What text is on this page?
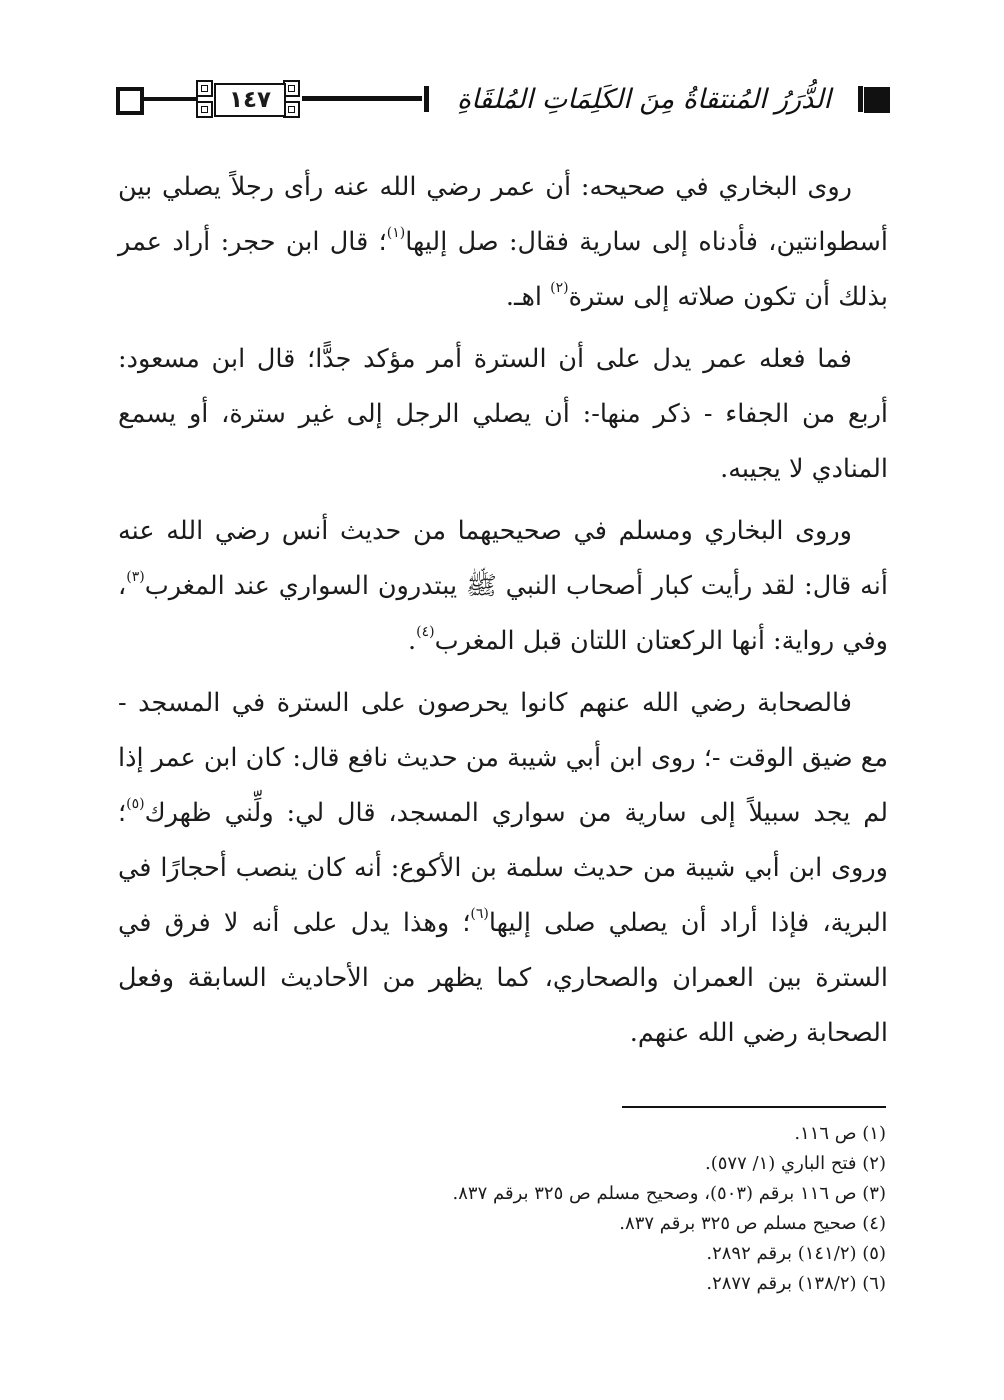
١٤٧	الدُّرَرُ المُنتقاةُ مِنَ الكَلِمَاتِ المُلقَاةِ

روى البخاري في صحيحه: أن عمر رضي الله عنه رأى رجلاً يصلي بين أسطوانتين، فأدناه إلى سارية فقال: صل إليها$^{(١)}$؛ قال ابن حجر: أراد عمر بذلك أن تكون صلاته إلى سترة$^{(٢)}$ اهـ.

فما فعله عمر يدل على أن السترة أمر مؤكد جدًّا؛ قال ابن مسعود: أربع من الجفاء - ذكر منها-: أن يصلي الرجل إلى غير سترة، أو يسمع المنادي لا يجيبه.

وروى البخاري ومسلم في صحيحيهما من حديث أنس رضي الله عنه أنه قال: لقد رأيت كبار أصحاب النبي ﷺ يبتدرون السواري عند المغرب$^{(٣)}$، وفي رواية: أنها الركعتان اللتان قبل المغرب$^{(٤)}$.

فالصحابة رضي الله عنهم كانوا يحرصون على السترة في المسجد - مع ضيق الوقت -؛ روى ابن أبي شيبة من حديث نافع قال: كان ابن عمر إذا لم يجد سبيلاً إلى سارية من سواري المسجد، قال لي: ولِّني ظهرك$^{(٥)}$؛ وروى ابن أبي شيبة من حديث سلمة بن الأكوع: أنه كان ينصب أحجارًا في البرية، فإذا أراد أن يصلي صلى إليها$^{(٦)}$؛ وهذا يدل على أنه لا فرق في السترة بين العمران والصحاري، كما يظهر من الأحاديث السابقة وفعل الصحابة رضي الله عنهم.

(١) ص ١١٦.

(٢) فتح الباري (١/ ٥٧٧).

(٣) ص ١١٦ برقم (٥٠٣)، وصحيح مسلم ص ٣٢٥ برقم ٨٣٧.

(٤) صحيح مسلم ص ٣٢٥ برقم ٨٣٧.

(٥) (١٤١/٢) برقم ٢٨٩٢.

(٦) (١٣٨/٢) برقم ٢٨٧٧.
